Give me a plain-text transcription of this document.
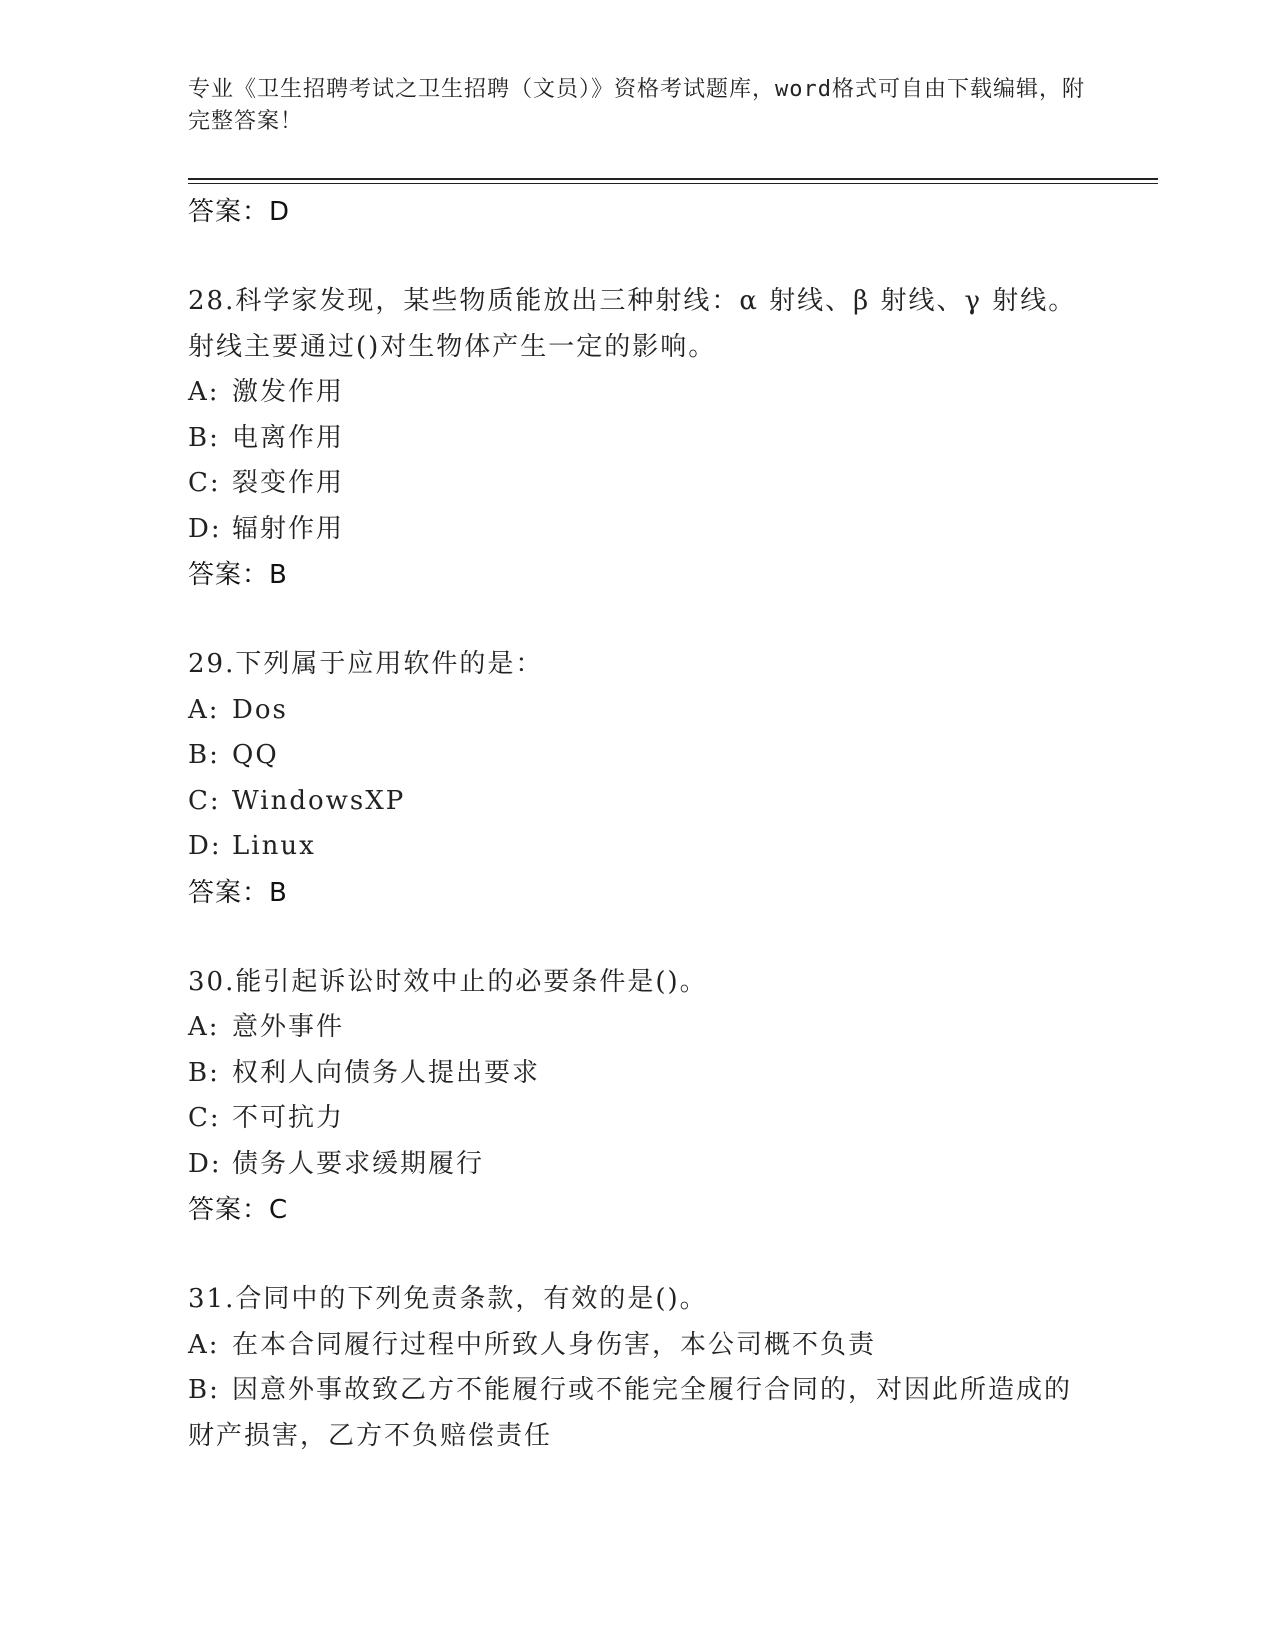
专业《卫生招聘考试之卫生招聘（文员）》资格考试题库，word格式可自由下载编辑，附完整答案！
答案：D
28.科学家发现，某些物质能放出三种射线：α 射线、β 射线、γ 射线。射线主要通过()对生物体产生一定的影响。
A: 激发作用
B: 电离作用
C: 裂变作用
D: 辐射作用
答案：B
29.下列属于应用软件的是：
A: Dos
B: QQ
C: WindowsXP
D: Linux
答案：B
30.能引起诉讼时效中止的必要条件是()。
A: 意外事件
B: 权利人向债务人提出要求
C: 不可抗力
D: 债务人要求缓期履行
答案：C
31.合同中的下列免责条款，有效的是()。
A: 在本合同履行过程中所致人身伤害，本公司概不负责
B: 因意外事故致乙方不能履行或不能完全履行合同的，对因此所造成的财产损害，乙方不负赔偿责任
